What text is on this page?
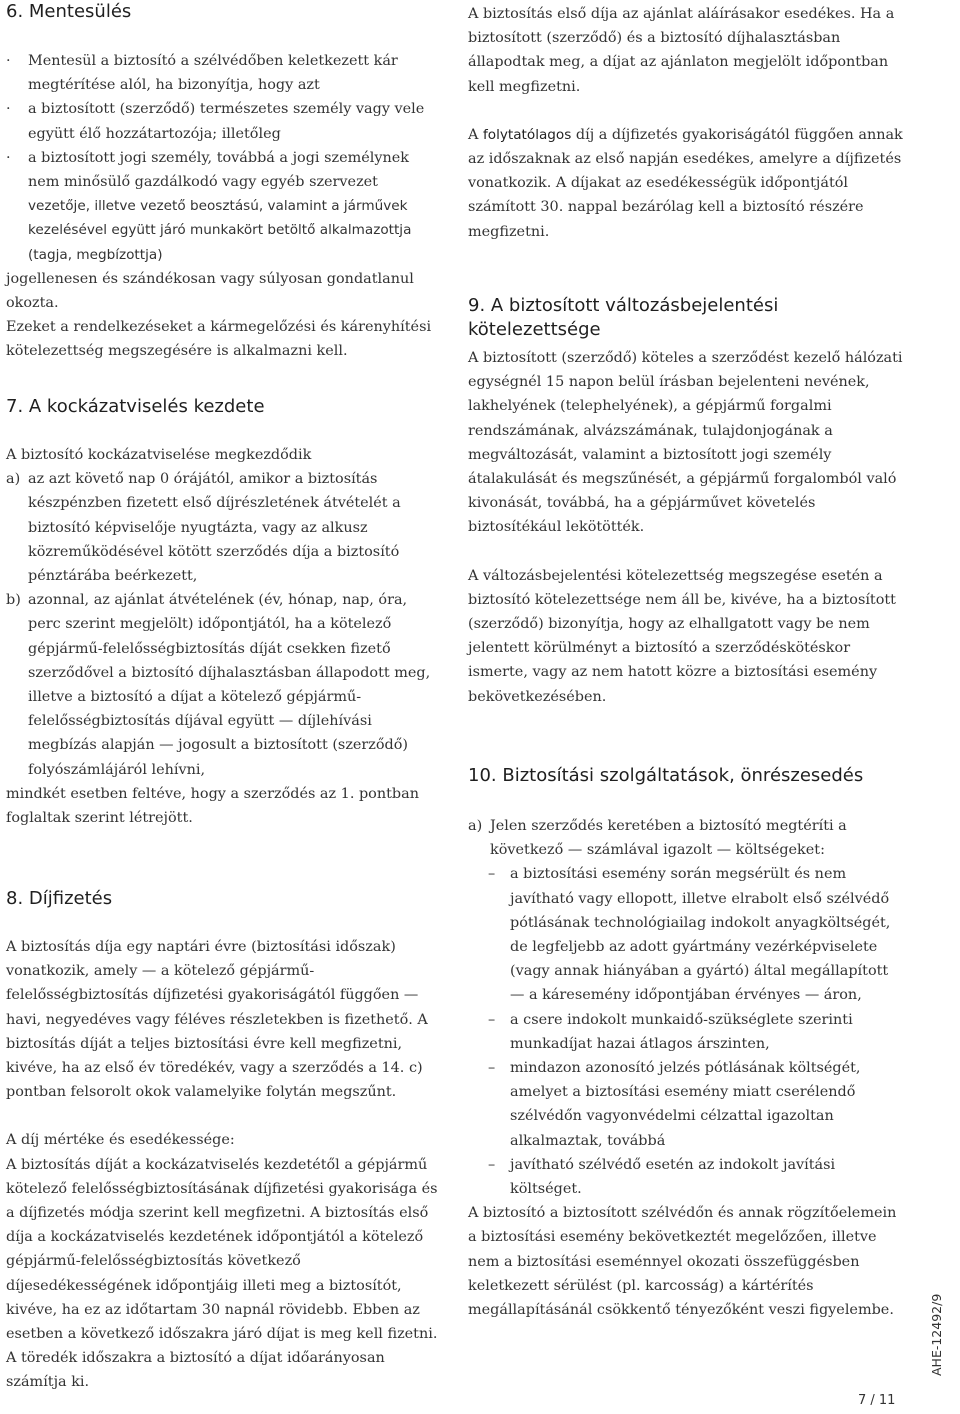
6. Mentesülés

· Mentesül a biztosító a szélvédőben keletkezett kár megtérítése alól, ha bizonyítja, hogy azt

· a biztosított (szerződő) természetes személy vagy vele együtt élő hozzátartozója; illetőleg

· a biztosított jogi személy, továbbá a jogi személynek nem minősülő gazdálkodó vagy egyéb szervezet

vezetője, illetve vezető beosztású, valamint a járművek kezelésével együtt járó munkakört betöltő alkalmazottja (tagja, megbízottja)

jogellenesen és szándékosan vagy súlyosan gondatlanul okozta.

Ezeket a rendelkezéseket a kármegelőzési és kárenyhítési kötelezettség megszegésére is alkalmazni kell.

7. A kockázatviselés kezdete

A biztosító kockázatviselése megkezdődik

a) az azt követő nap 0 órájától, amikor a biztosítás készpénzben fizetett első díjrészletének átvételét a biztosító képviselője nyugtázta, vagy az alkusz közreműködésével kötött szerződés díja a biztosító pénztárába beérkezett,

b) azonnal, az ajánlat átvételének (év, hónap, nap, óra, perc szerint megjelölt) időpontjától, ha a kötelező gépjármű-felelősségbiztosítás díját csekken fizető szerződővel a biztosító díjhalasztásban állapodott meg, illetve a biztosító a díjat a kötelező gépjármű-felelősségbiztosítás díjával együtt — díjlehívási megbízás alapján — jogosult a biztosított (szerződő) folyószámlájáról lehívni,

mindkét esetben feltéve, hogy a szerződés az 1. pontban foglaltak szerint létrejött.

8. Díjfizetés

A biztosítás díja egy naptári évre (biztosítási időszak) vonatkozik, amely — a kötelező gépjármű-felelősségbiztosítás díjfizetési gyakoriságától függően — havi, negyedéves vagy féléves részletekben is fizethető. A biztosítás díját a teljes biztosítási évre kell megfizetni, kivéve, ha az első év töredékév, vagy a szerződés a 14. c) pontban felsorolt okok valamelyike folytán megszűnt.

A díj mértéke és esedékessége:

A biztosítás díját a kockázatviselés kezdetétől a gépjármű kötelező felelősségbiztosításának díjfizetési gyakorisága és a díjfizetés módja szerint kell megfizetni. A biztosítás első díja a kockázatviselés kezdetének időpontjától a kötelező gépjármű-felelősségbiztosítás következő díjesedékességének időpontjáig illeti meg a biztosítót, kivéve, ha ez az időtartam 30 napnál rövidebb. Ebben az esetben a következő időszakra járó díjat is meg kell fizetni. A töredék időszakra a biztosító a díjat időarányosan számítja ki.

A biztosítás első díja az ajánlat aláírásakor esedékes. Ha a biztosított (szerződő) és a biztosító díjhalasztásban állapodtak meg, a díjat az ajánlaton megjelölt időpontban kell megfizetni.

A folytatólagos díj a díjfizetés gyakoriságától függően annak az időszaknak az első napján esedékes, amelyre a díjfizetés vonatkozik. A díjakat az esedékességük időpontjától számított 30. nappal bezárólag kell a biztosító részére megfizetni.

9. A biztosított változásbejelentési kötelezettsége

A biztosított (szerződő) köteles a szerződést kezelő hálózati egységnél 15 napon belül írásban bejelenteni nevének, lakhelyének (telephelyének), a gépjármű forgalmi rendszámának, alvázszámának, tulajdonjogának a megváltozását, valamint a biztosított jogi személy átalakulását és megszűnését, a gépjármű forgalomból való kivonását, továbbá, ha a gépjárművet követelés biztosítékául lekötötték.

A változásbejelentési kötelezettség megszegése esetén a biztosító kötelezettsége nem áll be, kivéve, ha a biztosított (szerződő) bizonyítja, hogy az elhallgatott vagy be nem jelentett körülményt a biztosító a szerződéskötéskor ismerte, vagy az nem hatott közre a biztosítási esemény bekövetkezésében.

10. Biztosítási szolgáltatások, önrészesedés

a) Jelen szerződés keretében a biztosító megtéríti a következő — számlával igazolt — költségeket:

– a biztosítási esemény során megsérült és nem javítható vagy ellopott, illetve elrabolt első szélvédő pótlásának technológiailag indokolt anyagköltségét, de legfeljebb az adott gyártmány vezérképviselete (vagy annak hiányában a gyártó) által megállapított — a káresemény időpontjában érvényes — áron,

– a csere indokolt munkaidő-szükséglete szerinti munkadíjat hazai átlagos árszinten,

– mindazon azonosító jelzés pótlásának költségét, amelyet a biztosítási esemény miatt cserélendő szélvédőn vagyonvédelmi célzattal igazoltan alkalmaztak, továbbá

– javítható szélvédő esetén az indokolt javítási költséget.

A biztosító a biztosított szélvédőn és annak rögzítőelemein a biztosítási esemény bekövetkeztét megelőzően, illetve nem a biztosítási eseménnyel okozati összefüggésben keletkezett sérülést (pl. karcosság) a kártérítés megállapításánál csökkentő tényezőként veszi figyelembe.	AHE-12492/9
7 / 11
